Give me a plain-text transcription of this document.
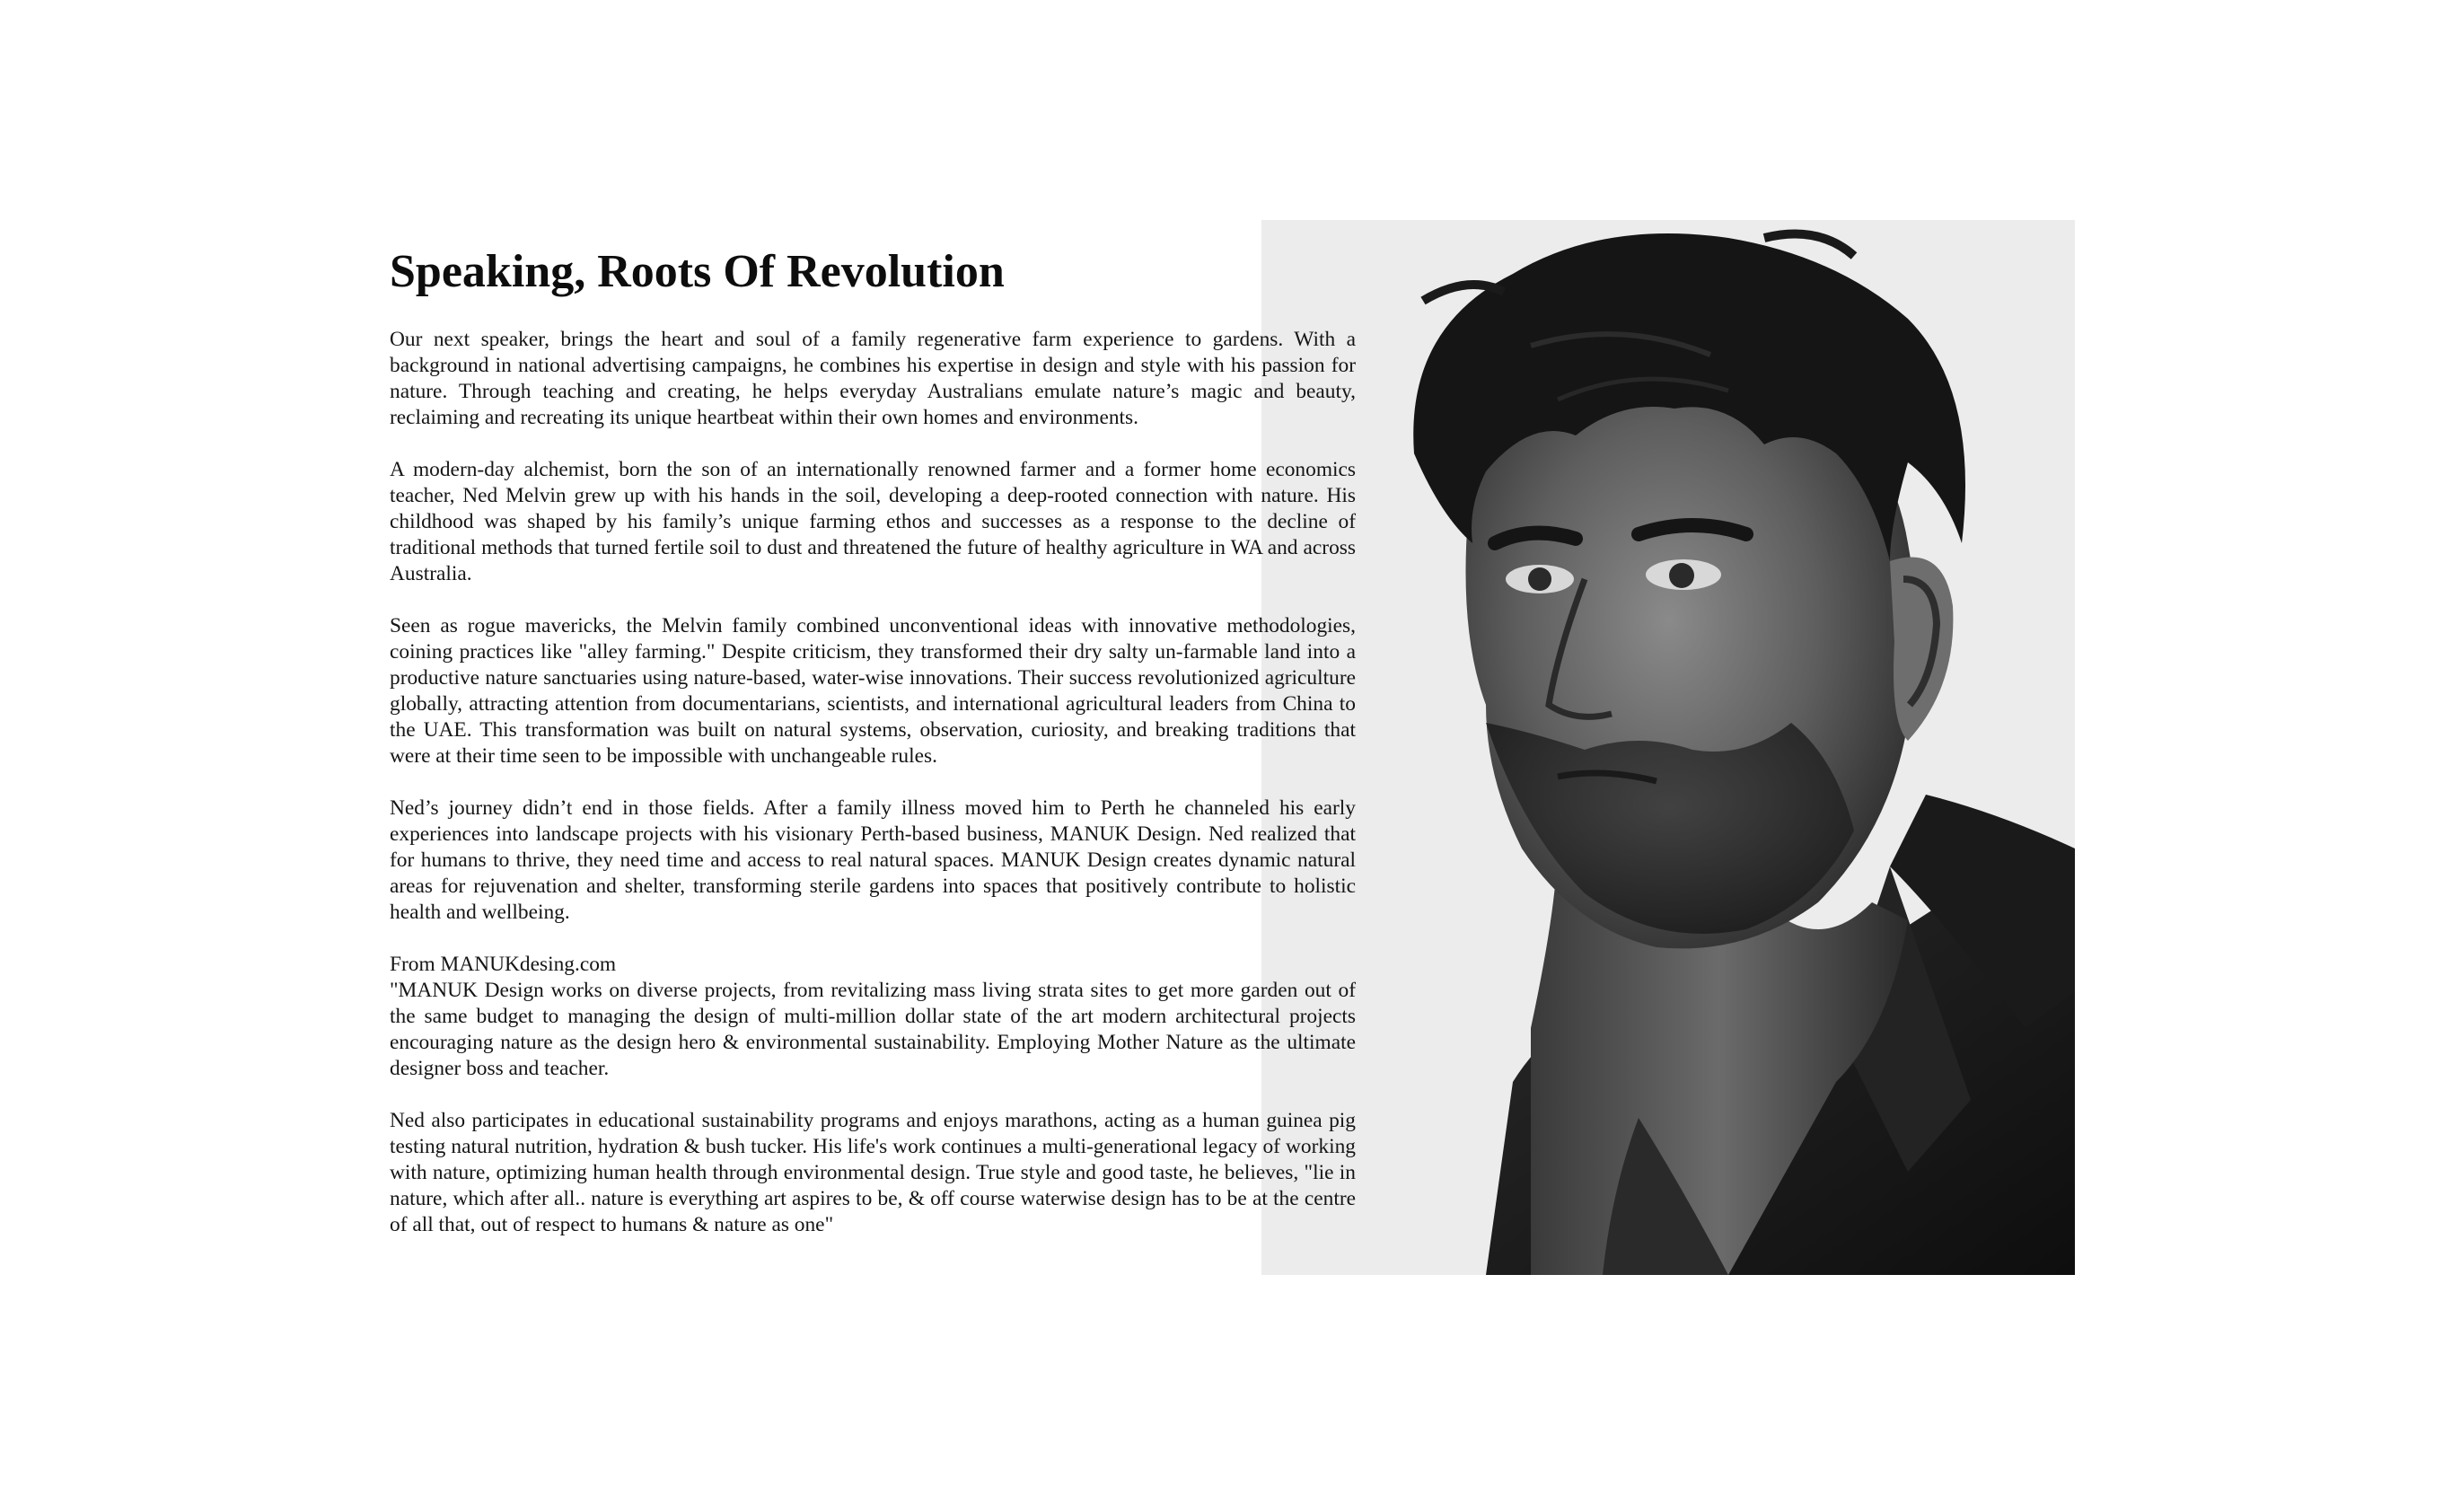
Speaking, Roots Of Revolution

Our next speaker, brings the heart and soul of a family regenerative farm experience to gardens. With a background in national advertising campaigns, he combines his expertise in design and style with his passion for nature. Through teaching and creating, he helps everyday Australians emulate nature’s magic and beauty, reclaiming and recreating its unique heartbeat within their own homes and environments.

A modern-day alchemist, born the son of an internationally renowned farmer and a former home economics teacher, Ned Melvin grew up with his hands in the soil, developing a deep-rooted connection with nature. His childhood was shaped by his family’s unique farming ethos and successes as a response to the decline of traditional methods that turned fertile soil to dust and threatened the future of healthy agriculture in WA and across Australia.

Seen as rogue mavericks, the Melvin family combined unconventional ideas with innovative methodologies, coining practices like "alley farming." Despite criticism, they transformed their dry salty un-farmable land into a productive nature sanctuaries using nature-based, water-wise innovations. Their success revolutionized agriculture globally, attracting attention from documentarians, scientists, and international agricultural leaders from China to the UAE. This transformation was built on natural systems, observation, curiosity, and breaking traditions that were at their time seen to be impossible with unchangeable rules.

Ned’s journey didn’t end in those fields. After a family illness moved him to Perth he channeled his early experiences into landscape projects with his visionary Perth-based business, MANUK Design. Ned realized that for humans to thrive, they need time and access to real natural spaces. MANUK Design creates dynamic natural areas for rejuvenation and shelter, transforming sterile gardens into spaces that positively contribute to holistic health and wellbeing.

From MANUKdesing.com
"MANUK Design works on diverse projects, from revitalizing mass living strata sites to get more garden out of the same budget to managing the design of multi-million dollar state of the art modern architectural projects encouraging nature as the design hero & environmental sustainability. Employing Mother Nature as the ultimate designer boss and teacher.

Ned also participates in educational sustainability programs and enjoys marathons, acting as a human guinea pig testing natural nutrition, hydration & bush tucker. His life's work continues a multi-generational legacy of working with nature, optimizing human health through environmental design. True style and good taste, he believes, "lie in nature, which after all.. nature is everything art aspires to be, & off course waterwise design has to be at the centre of all that, out of respect to humans & nature as one"
